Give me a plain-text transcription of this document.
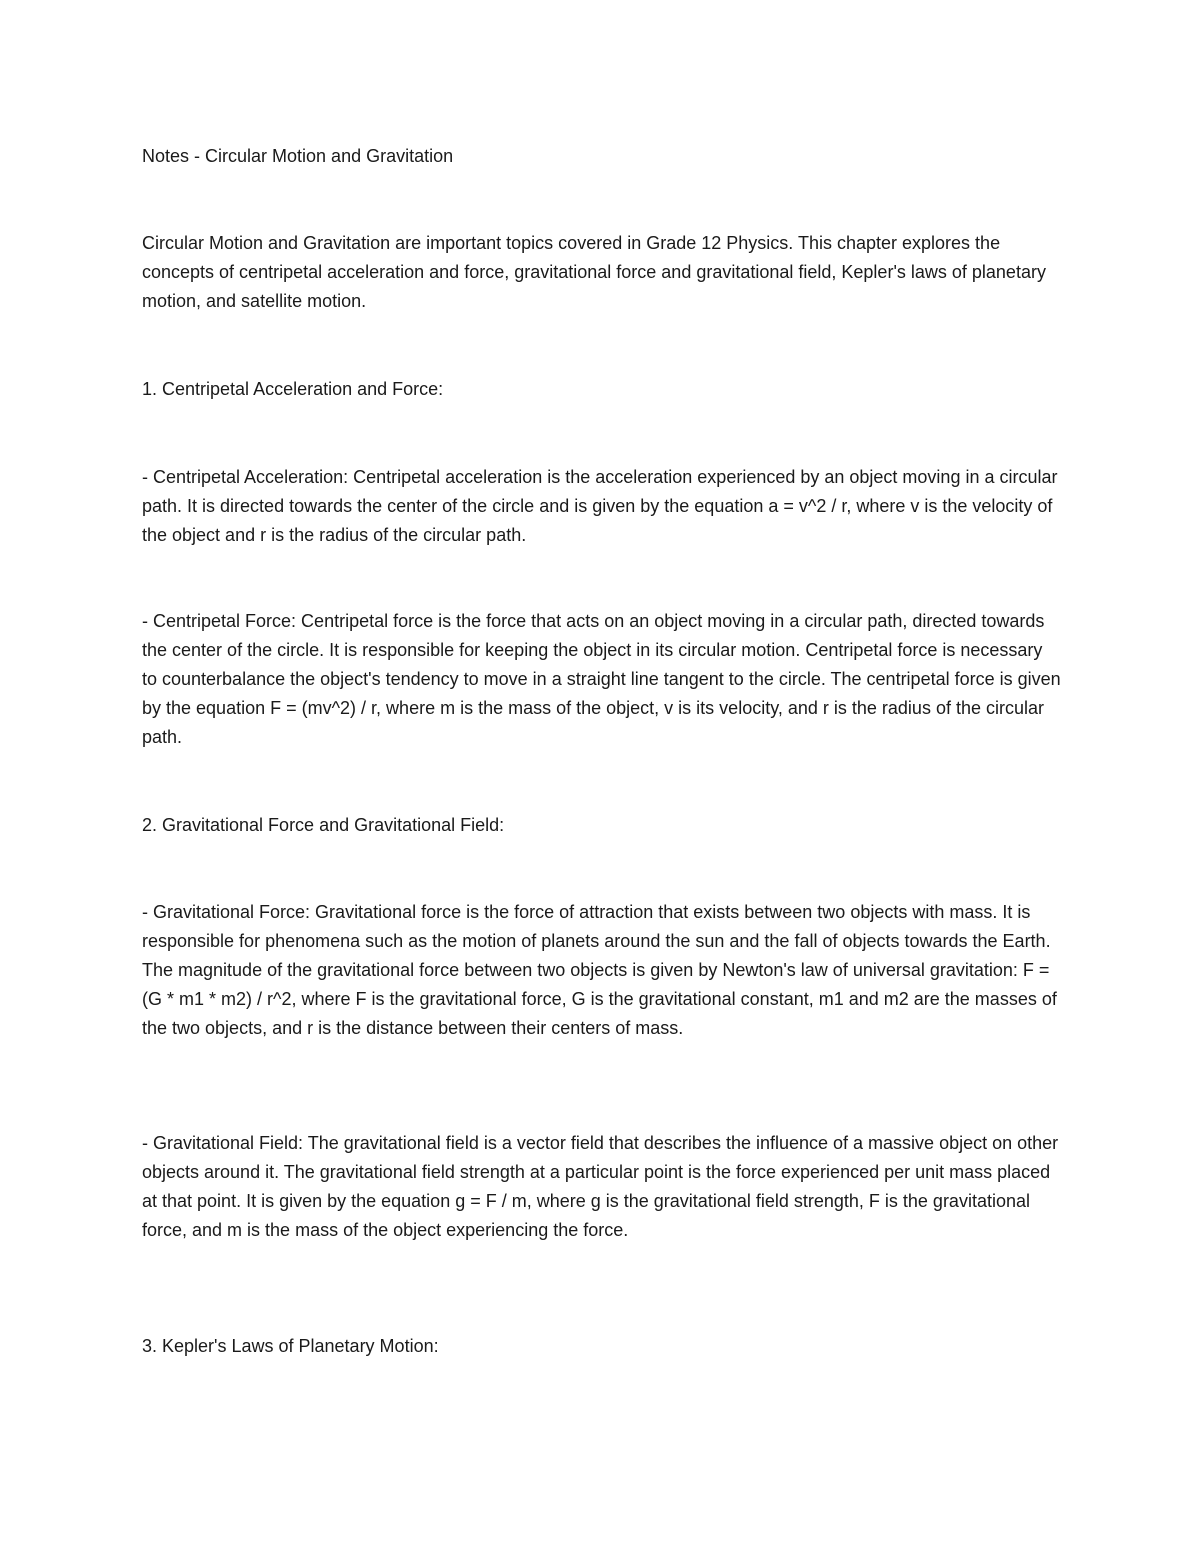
Notes - Circular Motion and Gravitation

Circular Motion and Gravitation are important topics covered in Grade 12 Physics. This chapter explores the concepts of centripetal acceleration and force, gravitational force and gravitational field, Kepler's laws of planetary motion, and satellite motion.

1. Centripetal Acceleration and Force:

- Centripetal Acceleration: Centripetal acceleration is the acceleration experienced by an object moving in a circular path. It is directed towards the center of the circle and is given by the equation a = v^2 / r, where v is the velocity of the object and r is the radius of the circular path.

- Centripetal Force: Centripetal force is the force that acts on an object moving in a circular path, directed towards the center of the circle. It is responsible for keeping the object in its circular motion. Centripetal force is necessary to counterbalance the object's tendency to move in a straight line tangent to the circle. The centripetal force is given by the equation F = (mv^2) / r, where m is the mass of the object, v is its velocity, and r is the radius of the circular path.

2. Gravitational Force and Gravitational Field:

- Gravitational Force: Gravitational force is the force of attraction that exists between two objects with mass. It is responsible for phenomena such as the motion of planets around the sun and the fall of objects towards the Earth. The magnitude of the gravitational force between two objects is given by Newton's law of universal gravitation: F = (G * m1 * m2) / r^2, where F is the gravitational force, G is the gravitational constant, m1 and m2 are the masses of the two objects, and r is the distance between their centers of mass.

- Gravitational Field: The gravitational field is a vector field that describes the influence of a massive object on other objects around it. The gravitational field strength at a particular point is the force experienced per unit mass placed at that point. It is given by the equation g = F / m, where g is the gravitational field strength, F is the gravitational force, and m is the mass of the object experiencing the force.

3. Kepler's Laws of Planetary Motion:
